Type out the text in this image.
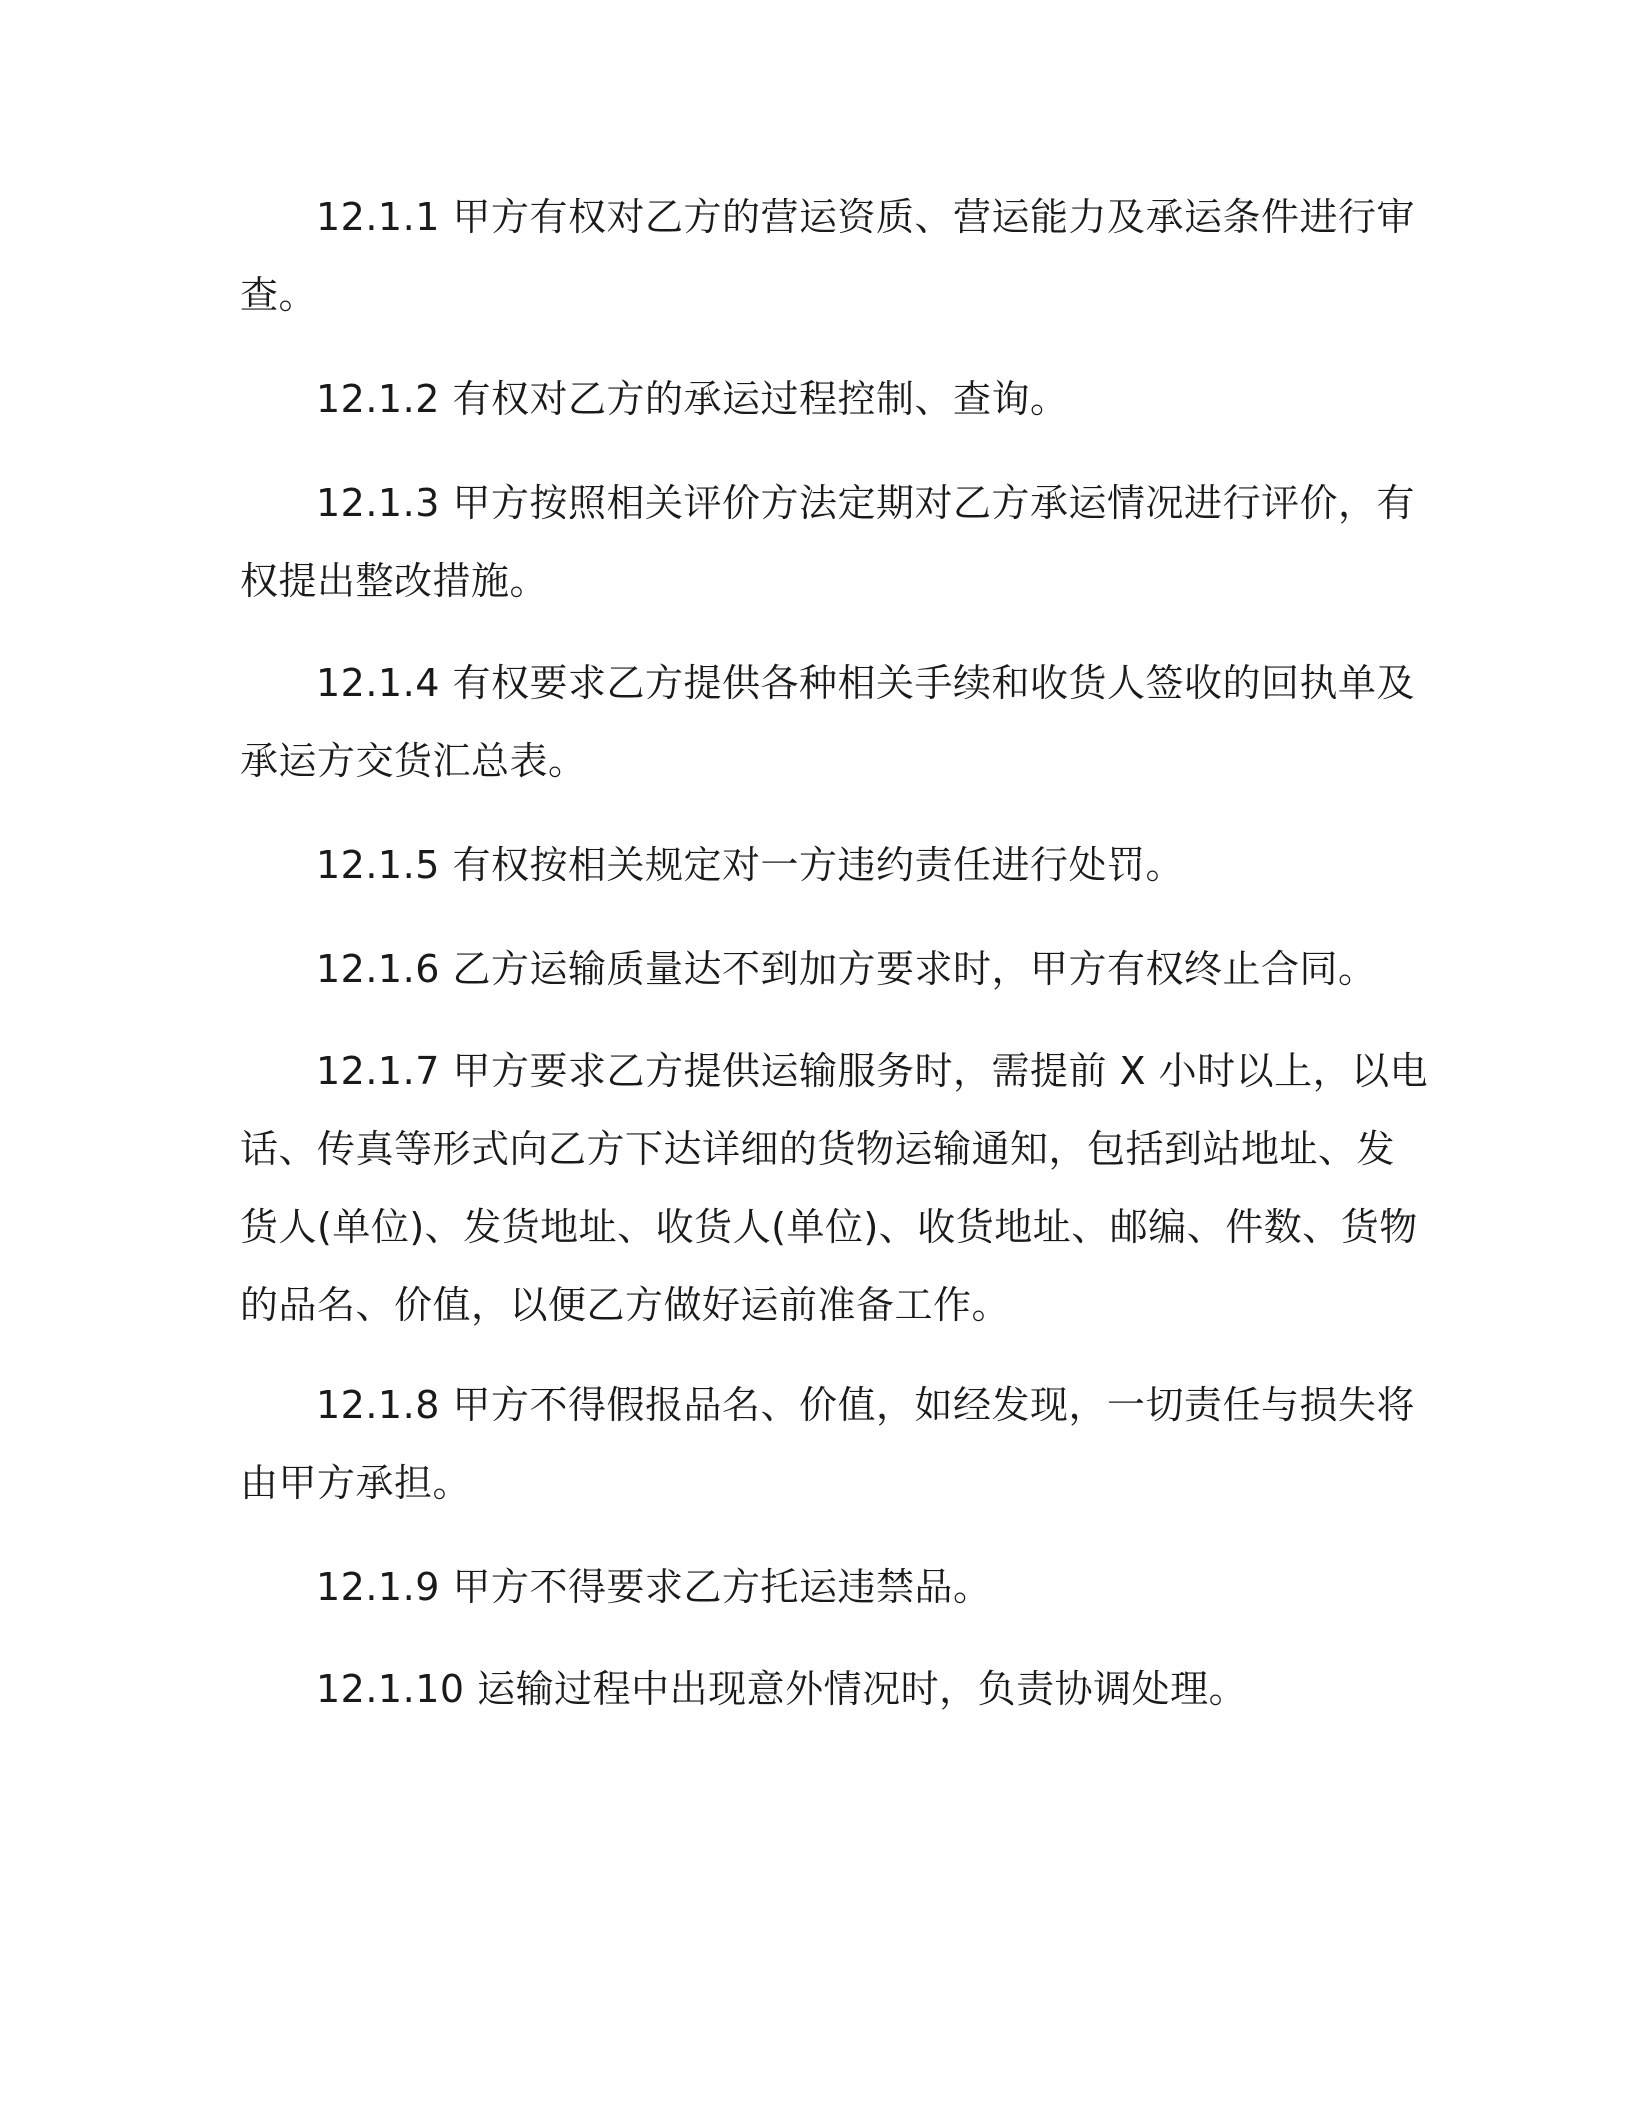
12.1.1 甲方有权对乙方的营运资质、营运能力及承运条件进行审
查。

12.1.2 有权对乙方的承运过程控制、查询。

12.1.3 甲方按照相关评价方法定期对乙方承运情况进行评价，有
权提出整改措施。

12.1.4 有权要求乙方提供各种相关手续和收货人签收的回执单及
承运方交货汇总表。

12.1.5 有权按相关规定对一方违约责任进行处罚。

12.1.6 乙方运输质量达不到加方要求时，甲方有权终止合同。

12.1.7 甲方要求乙方提供运输服务时，需提前 X 小时以上，以电
话、传真等形式向乙方下达详细的货物运输通知，包括到站地址、发
货人(单位)、发货地址、收货人(单位)、收货地址、邮编、件数、货物
的品名、价值，以便乙方做好运前准备工作。

12.1.8 甲方不得假报品名、价值，如经发现，一切责任与损失将
由甲方承担。

12.1.9 甲方不得要求乙方托运违禁品。

12.1.10 运输过程中出现意外情况时，负责协调处理。
